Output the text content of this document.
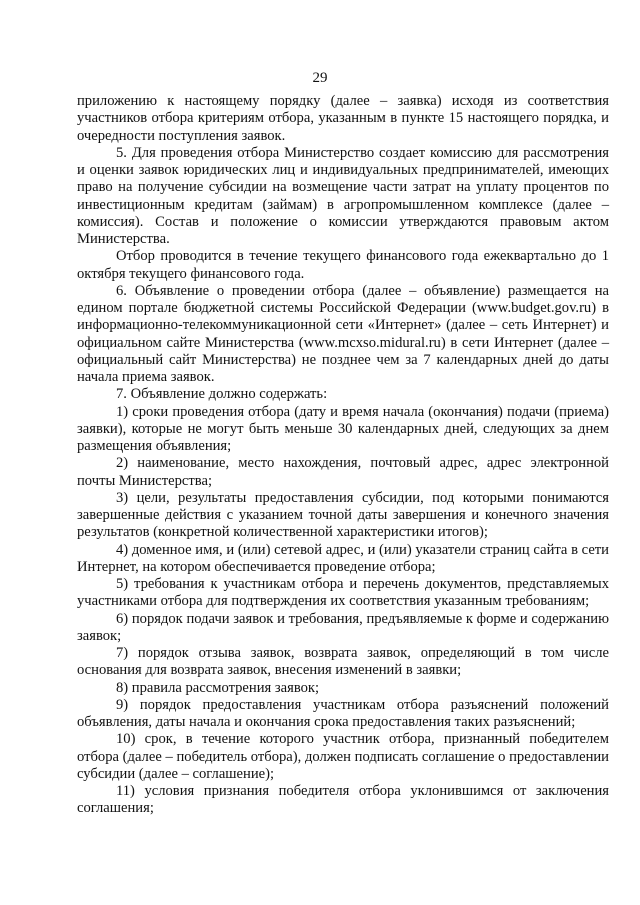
29

приложению к настоящему порядку (далее – заявка) исходя из соответствия участников отбора критериям отбора, указанным в пункте 15 настоящего порядка, и очередности поступления заявок.

5. Для проведения отбора Министерство создает комиссию для рассмотрения и оценки заявок юридических лиц и индивидуальных предпринимателей, имеющих право на получение субсидии на возмещение части затрат на уплату процентов по инвестиционным кредитам (займам) в агропромышленном комплексе (далее – комиссия). Состав и положение о комиссии утверждаются правовым актом Министерства.

Отбор проводится в течение текущего финансового года ежеквартально до 1 октября текущего финансового года.

6. Объявление о проведении отбора (далее – объявление) размещается на едином портале бюджетной системы Российской Федерации (www.budget.gov.ru) в информационно-телекоммуникационной сети «Интернет» (далее – сеть Интернет) и официальном сайте Министерства (www.mcxso.midural.ru) в сети Интернет (далее – официальный сайт Министерства) не позднее чем за 7 календарных дней до даты начала приема заявок.

7. Объявление должно содержать:

1) сроки проведения отбора (дату и время начала (окончания) подачи (приема) заявки), которые не могут быть меньше 30 календарных дней, следующих за днем размещения объявления;

2) наименование, место нахождения, почтовый адрес, адрес электронной почты Министерства;

3) цели, результаты предоставления субсидии, под которыми понимаются завершенные действия с указанием точной даты завершения и конечного значения результатов (конкретной количественной характеристики итогов);

4) доменное имя, и (или) сетевой адрес, и (или) указатели страниц сайта в сети Интернет, на котором обеспечивается проведение отбора;

5) требования к участникам отбора и перечень документов, представляемых участниками отбора для подтверждения их соответствия указанным требованиям;

6) порядок подачи заявок и требования, предъявляемые к форме и содержанию заявок;

7) порядок отзыва заявок, возврата заявок, определяющий в том числе основания для возврата заявок, внесения изменений в заявки;

8) правила рассмотрения заявок;

9) порядок предоставления участникам отбора разъяснений положений объявления, даты начала и окончания срока предоставления таких разъяснений;

10) срок, в течение которого участник отбора, признанный победителем отбора (далее – победитель отбора), должен подписать соглашение о предоставлении субсидии (далее – соглашение);

11) условия признания победителя отбора уклонившимся от заключения соглашения;
